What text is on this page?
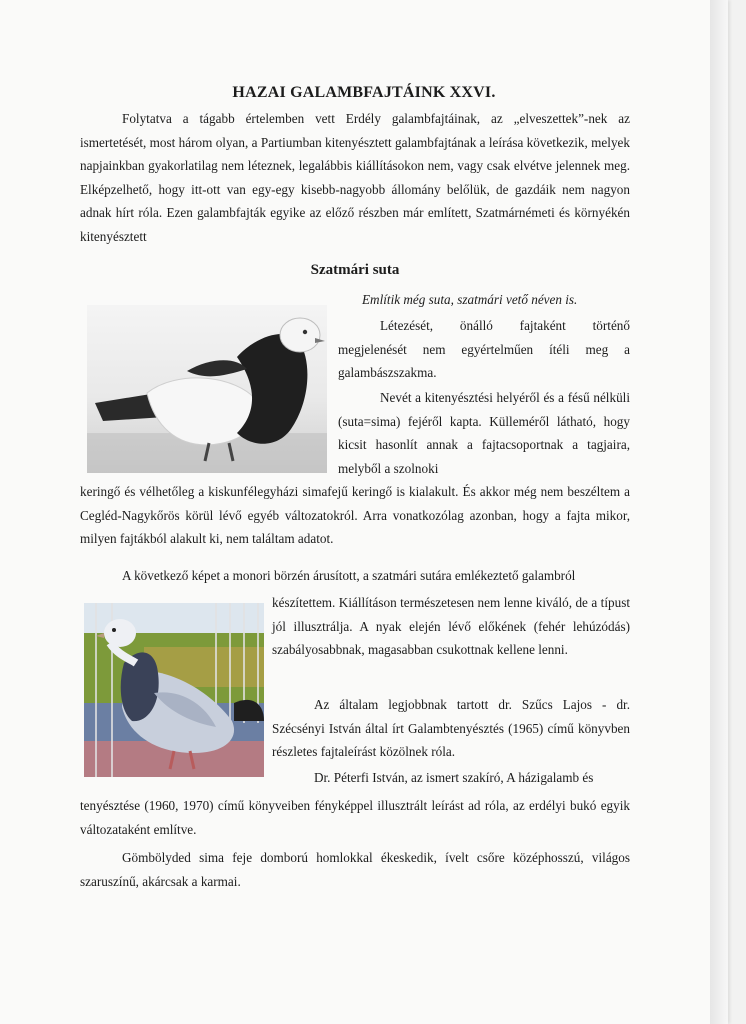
HAZAI GALAMBFAJTÁINK XXVI.

Folytatva a tágabb értelemben vett Erdély galambfajtáinak, az „elveszettek”-nek az ismertetését, most három olyan, a Partiumban kitenyésztett galambfajtának a leírása következik, melyek napjainkban gyakorlatilag nem léteznek, legalábbis kiállításokon nem, vagy csak elvétve jelennek meg. Elképzelhető, hogy itt-ott van egy-egy kisebb-nagyobb állomány belőlük, de gazdáik nem nagyon adnak hírt róla. Ezen galambfajták egyike az előző részben már említett, Szatmárnémeti és környékén kitenyésztett

Szatmári suta

Említik még suta, szatmári vető néven is.

Létezését, önálló fajtaként történő megjelenését nem egyértelműen ítéli meg a galambászszakma.

Nevét a kitenyésztési helyéről és a fésű nélküli (suta=sima) fejéről kapta. Külleméről látható, hogy kicsit hasonlít annak a fajtacsoportnak a tagjaira, melyből a szolnoki

keringő és vélhetőleg a kiskunfélegyházi simafejű keringő is kialakult. És akkor még nem beszéltem a Cegléd-Nagykőrös körül lévő egyéb változatokról. Arra vonatkozólag azonban, hogy a fajta mikor, milyen fajtákból alakult ki, nem találtam adatot.

A következő képet a monori börzén árusított, a szatmári sutára emlékeztető galambról

készítettem. Kiállításon természetesen nem lenne kiváló, de a típust jól illusztrálja. A nyak elején lévő előkének (fehér lehúzódás) szabályosabbnak, magasabban csukottnak kellene lenni.

Az általam legjobbnak tartott dr. Szűcs Lajos - dr. Szécsényi István által írt Galambtenyésztés (1965) című könyvben részletes fajtaleírást közölnek róla.

Dr. Péterfi István, az ismert szakíró, A házigalamb és

tenyésztése (1960, 1970) című könyveiben fényképpel illusztrált leírást ad róla, az erdélyi bukó egyik változataként említve.

Gömbölyded sima feje domború homlokkal ékeskedik, ívelt csőre középhosszú, világos szaruszínű, akárcsak a karmai.
